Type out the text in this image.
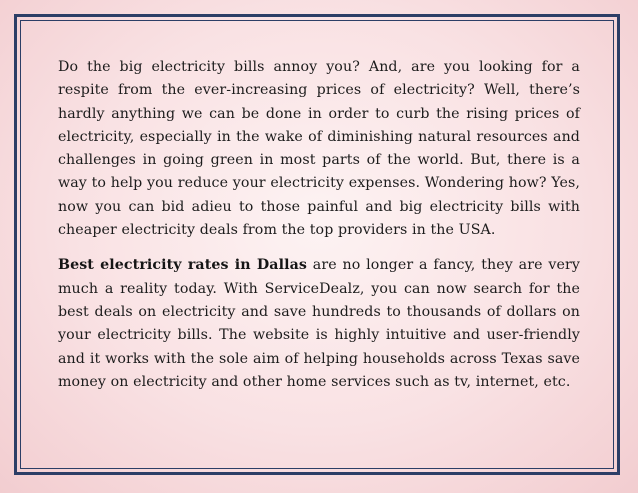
Do the big electricity bills annoy you? And, are you looking for a respite from the ever-increasing prices of electricity? Well, there’s hardly anything we can be done in order to curb the rising prices of electricity, especially in the wake of diminishing natural resources and challenges in going green in most parts of the world. But, there is a way to help you reduce your electricity expenses. Wondering how? Yes, now you can bid adieu to those painful and big electricity bills with cheaper electricity deals from the top providers in the USA.

Best electricity rates in Dallas are no longer a fancy, they are very much a reality today. With ServiceDealz, you can now search for the best deals on electricity and save hundreds to thousands of dollars on your electricity bills. The website is highly intuitive and user-friendly and it works with the sole aim of helping households across Texas save money on electricity and other home services such as tv, internet, etc.
